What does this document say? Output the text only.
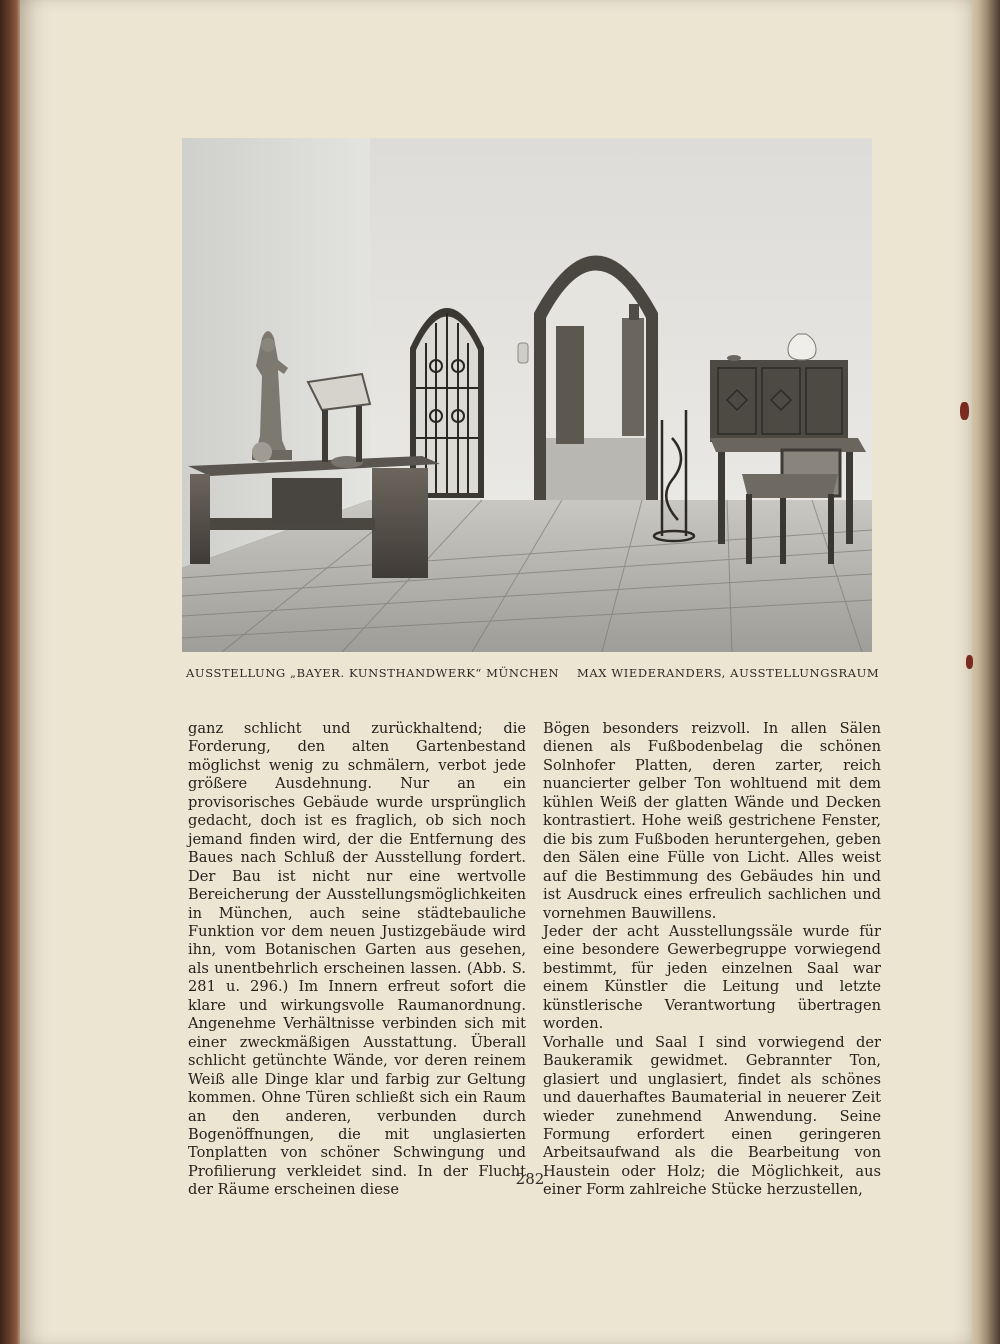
AUSSTELLUNG „BAYER. KUNSTHANDWERK“ MÜNCHEN MAX WIEDERANDERS, AUSSTELLUNGSRAUM

ganz schlicht und zurückhaltend; die Forderung, den alten Gartenbestand möglichst wenig zu schmälern, verbot jede größere Ausdehnung. Nur an ein provisorisches Gebäude wurde ursprünglich gedacht, doch ist es fraglich, ob sich noch jemand finden wird, der die Entfernung des Baues nach Schluß der Ausstellung fordert. Der Bau ist nicht nur eine wertvolle Bereicherung der Ausstellungsmöglichkeiten in München, auch seine städtebauliche Funktion vor dem neuen Justizgebäude wird ihn, vom Botanischen Garten aus gesehen, als unentbehrlich erscheinen lassen. (Abb. S. 281 u. 296.) Im Innern erfreut sofort die klare und wirkungsvolle Raumanordnung. Angenehme Verhältnisse verbinden sich mit einer zweckmäßigen Ausstattung. Überall schlicht getünchte Wände, vor deren reinem Weiß alle Dinge klar und farbig zur Geltung kommen. Ohne Türen schließt sich ein Raum an den anderen, verbunden durch Bogenöffnungen, die mit unglasierten Tonplatten von schöner Schwingung und Profilierung verkleidet sind. In der Flucht der Räume erscheinen diese

Bögen besonders reizvoll. In allen Sälen dienen als Fußbodenbelag die schönen Solnhofer Platten, deren zarter, reich nuancierter gelber Ton wohltuend mit dem kühlen Weiß der glatten Wände und Decken kontrastiert. Hohe weiß gestrichene Fenster, die bis zum Fußboden heruntergehen, geben den Sälen eine Fülle von Licht. Alles weist auf die Bestimmung des Gebäudes hin und ist Ausdruck eines erfreulich sachlichen und vornehmen Bauwillens.

Jeder der acht Ausstellungssäle wurde für eine besondere Gewerbegruppe vorwiegend bestimmt, für jeden einzelnen Saal war einem Künstler die Leitung und letzte künstlerische Verantwortung übertragen worden.

Vorhalle und Saal I sind vorwiegend der Baukeramik gewidmet. Gebrannter Ton, glasiert und unglasiert, findet als schönes und dauerhaftes Baumaterial in neuerer Zeit wieder zunehmend Anwendung. Seine Formung erfordert einen geringeren Arbeitsaufwand als die Bearbeitung von Haustein oder Holz; die Möglichkeit, aus einer Form zahlreiche Stücke herzustellen,

282
